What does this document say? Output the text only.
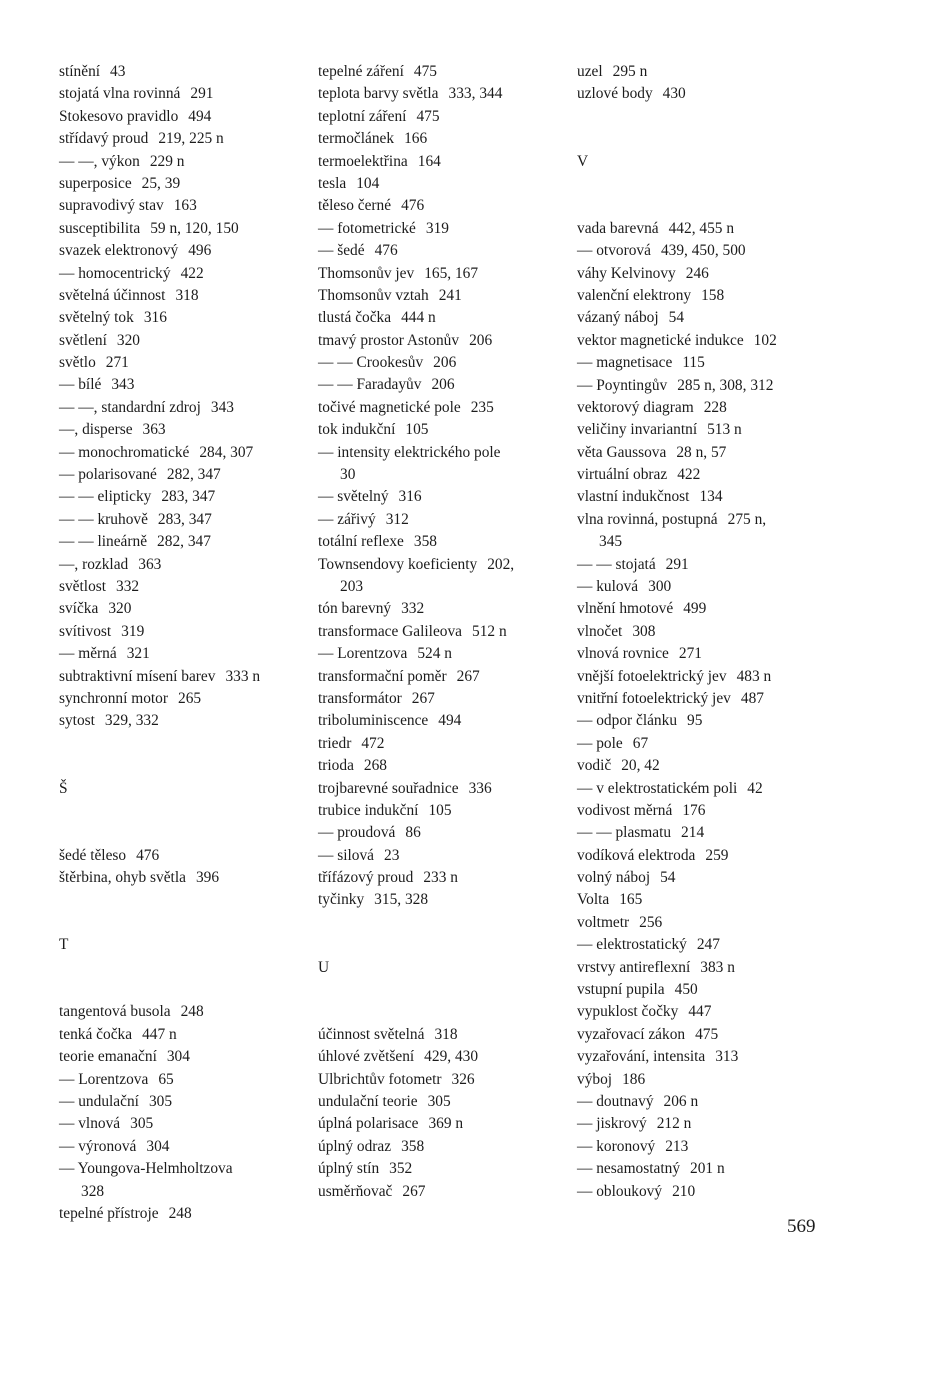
stínění 43
stojatá vlna rovinná 291
Stokesovo pravidlo 494
střídavý proud 219, 225 n
— —, výkon 229 n
superposice 25, 39
supravodivý stav 163
susceptibilita 59 n, 120, 150
svazek elektronový 496
— homocentrický 422
světelná účinnost 318
světelný tok 316
světlení 320
světlo 271
— bílé 343
— —, standardní zdroj 343
—, disperse 363
— monochromatické 284, 307
— polarisované 282, 347
— — elipticky 283, 347
— — kruhově 283, 347
— — lineárně 282, 347
—, rozklad 363
světlost 332
svíčka 320
svítivost 319
— měrná 321
subtraktivní mísení barev 333 n
synchronní motor 265
sytost 329, 332
Š
šedé těleso 476
štěrbina, ohyb světla 396
T
tangentová busola 248
tenká čočka 447 n
teorie emanační 304
— Lorentzova 65
— undulační 305
— vlnová 305
— výronová 304
— Youngova-Helmholtzova
328
tepelné přístroje 248
tepelné záření 475
teplota barvy světla 333, 344
teplotní záření 475
termočlánek 166
termoelektřina 164
tesla 104
těleso černé 476
— fotometrické 319
— šedé 476
Thomsonův jev 165, 167
Thomsonův vztah 241
tlustá čočka 444 n
tmavý prostor Astonův 206
— — Crookesův 206
— — Faradayův 206
točivé magnetické pole 235
tok indukční 105
— intensity elektrického pole
30
— světelný 316
— zářivý 312
totální reflexe 358
Townsendovy koeficienty 202,
203
tón barevný 332
transformace Galileova 512 n
— Lorentzova 524 n
transformační poměr 267
transformátor 267
triboluminiscence 494
triedr 472
trioda 268
trojbarevné souřadnice 336
trubice indukční 105
— proudová 86
— silová 23
třífázový proud 233 n
tyčinky 315, 328
U
účinnost světelná 318
úhlové zvětšení 429, 430
Ulbrichtův fotometr 326
undulační teorie 305
úplná polarisace 369 n
úplný odraz 358
úplný stín 352
usměrňovač 267
uzel 295 n
uzlové body 430
V
vada barevná 442, 455 n
— otvorová 439, 450, 500
váhy Kelvinovy 246
valenční elektrony 158
vázaný náboj 54
vektor magnetické indukce 102
— magnetisace 115
— Poyntingův 285 n, 308, 312
vektorový diagram 228
veličiny invariantní 513 n
věta Gaussova 28 n, 57
virtuální obraz 422
vlastní indukčnost 134
vlna rovinná, postupná 275 n,
345
— — stojatá 291
— kulová 300
vlnění hmotové 499
vlnočet 308
vlnová rovnice 271
vnější fotoelektrický jev 483 n
vnitřní fotoelektrický jev 487
— odpor článku 95
— pole 67
vodič 20, 42
— v elektrostatickém poli 42
vodivost měrná 176
— — plasmatu 214
vodíková elektroda 259
volný náboj 54
Volta 165
voltmetr 256
— elektrostatický 247
vrstvy antireflexní 383 n
vstupní pupila 450
vypuklost čočky 447
vyzařovací zákon 475
vyzařování, intensita 313
výboj 186
— doutnavý 206 n
— jiskrový 212 n
— koronový 213
— nesamostatný 201 n
— obloukový 210
569
